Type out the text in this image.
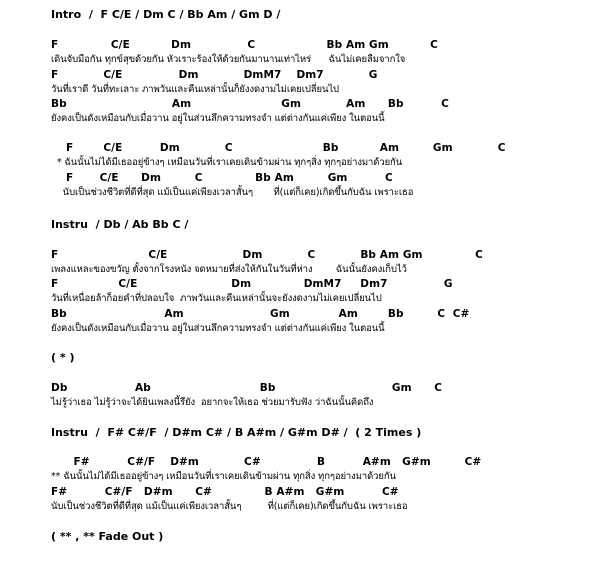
Intro  /  F C/E / Dm C / Bb Am / Gm D /
F              C/E           Dm               C                   Bb Am Gm           C
เดินจับมือกัน ทุกข์สุขด้วยกัน หัวเราะร้องให้ด้วยกันมานานเท่าไหร่      ฉันไม่เคยลืมจากใจ
F            C/E               Dm            DmM7    Dm7            G
วันที่เราดี วันที่ทะเลาะ ภาพวันและคืนเหล่านั้นก็ยังงดงามไม่เคยเปลี่ยนไป
Bb                            Am                        Gm            Am      Bb          C
ยังคงเป็นดังเหมือนกับเมื่อวาน อยู่ในส่วนลึกความทรงจำ แต่ต่างกันแค่เพียง ในตอนนี้
F        C/E          Dm            C                        Bb           Am         Gm            C
* ฉันนั้นไม่ได้มีเธออยู่ข้างๆ เหมือนวันที่เราเคยเดินข้ามผ่าน ทุกๆสิ่ง ทุกๆอย่างมาด้วยกัน
F       C/E      Dm         C              Bb Am         Gm          C
นับเป็นช่วงชีวิตที่ดีที่สุด แม้เป็นแค่เพียงเวลาสั้นๆ       ที่(แต่ก็เคย)เกิดขึ้นกับฉัน เพราะเธอ
Instru  / Db / Ab Bb C /
F                        C/E                    Dm            C            Bb Am Gm              C
เพลงแหละของขวัญ ตั้งจากโรงหนัง จดหมายที่ส่งให้กันในวันที่ห่าง        ฉันนั้นยังคงเก็บไว้
F                C/E                         Dm              DmM7     Dm7               G
วันที่เหนื่อยล้าก็อยคำที่ปลอบใจ  ภาพวันและคืนเหล่านั้นจะยังงดงามไม่เคยเปลี่ยนไป
Bb                          Am                       Gm             Am        Bb         C  C#
ยังคงเป็นดังเหมือนกับเมื่อวาน อยู่ในส่วนลึกความทรงจำ แต่ต่างกันแค่เพียง ในตอนนี้
( * )
Db                  Ab                             Bb                               Gm      C
ไม่รู้ว่าเธอ ไม่รู้ว่าจะได้ยินเพลงนี้รึยัง  อยากจะให้เธอ ช่วยมารับฟัง ว่าฉันนั้นคิดถึง
Instru  /  F# C#/F  / D#m C# / B A#m / G#m D# /  ( 2 Times )
F#          C#/F    D#m            C#               B          A#m   G#m         C#
** ฉันนั้นไม่ได้มีเธออยู่ข้างๆ เหมือนวันที่เราเคยเดินข้ามผ่าน ทุกสิ่ง ทุกๆอย่างมาด้วยกัน
F#          C#/F   D#m      C#              B A#m   G#m          C#
นับเป็นช่วงชีวิตที่ดีที่สุด แม้เป็นแค่เพียงเวลาสั้นๆ         ที่(แต่ก็เคย)เกิดขึ้นกับฉัน เพราะเธอ
( ** , ** Fade Out )
